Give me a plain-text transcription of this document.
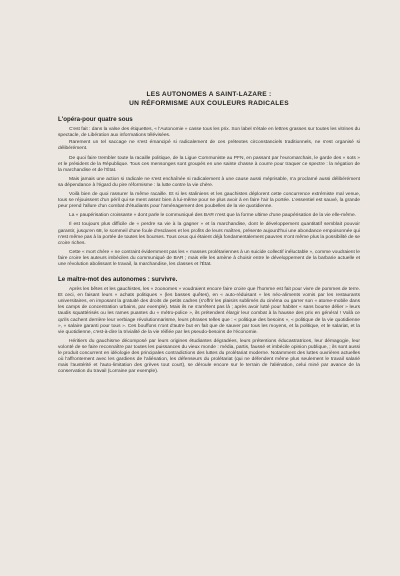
LES AUTONOMES A SAINT-LAZARE :
UN RÉFORMISME AUX COULEURS RADICALES
L'opéra-pour quatre sous

C'est fait : dans la valse des étiquettes, « l'Autonomie » casse tous les prix. Son label s'étale en lettres grasses sur toutes les vitrines du spectacle, de Libération aux informations télévisées.

Rarement un tel saccage ne s'est émancipé si radicalement de ces prétextes circonstanciels traditionnels, ne s'est organisé si délibérément.

De quoi faire trembler toute la racaille politique, de la Ligue Communiste au PFN, en passant par l'euromarchais, le garde des « sots » et le président de la République. Tous ces mensonges sont groupés en une sainte chasse à courre pour traquer ce spectre : la négation de la marchandise et de l'État.

Mais jamais une action si radicale ne s'est enchaînée si radicalement à une cause aussi méprisable, n'a proclamé aussi délibérément sa dépendance à l'égard du pire réformisme : la lutte contre la vie chère.

Voilà bien de quoi rassurer la même racaille. Et si les staliniens et les gauchistes déplorent cette concurrence extrémiste mal venue, tous se réjouissent d'un péril qui se ment assez bien à lui-même pour ne plus avoir à en faire l'air la portée. L'essentiel est sauvé, la grande peur prend l'allure d'un combat d'étudiants pour l'aménagement des poubelles de la vie quotidienne.

La « paupérisation croissante » dont parle le communiqué des BAR n'est que la forme ultime d'une paupérisation de la vie elle-même.

Il est toujours plus difficile de « perdre sa vie à la gagner » et la marchandise, dont le développement quantitatif semblait pouvoir garantir, jusqu'en 68, le sommeil d'une foule d'esclaves et les profits de leurs maîtres, présente aujourd'hui une abondance empoisonnée qui n'est même pas à la portée de toutes les bourses. Tous ceux qui étaient déjà fondamentalement pauvres n'ont même plus la possibilité de se croire riches.

Cette « mort chère » ne contraint évidemment pas les « masses prolétariennes à un suicide collectif inéluctable », comme voudraient le faire croire les auteurs imbéciles du communiqué de BAR ; mais elle les amène à choisir entre le développement de la barbarie actuelle et une révolution abolissant le travail, la marchandise, les classes et l'État.

Le maître-mot des autonomes : survivre.

Après les bêtes et les gauchistes, les « zoonomes » voudraient encore faire croire que l'homme est fait pour vivre de pommes de terre. Et ceci, en faisant leurs « achats politiques » (les basses quêtes), en « auto-réduisant » les néo-aliments vomis par les restaurants universitaires, en imposant la gratuité des droits de petits cadres (s'offrir les plaisirs sublimés du cinéma ou garrer son « atome-mobile dans les camps de concentration urbains, par exemple). Mais ils ne s'arrêtent pas là ; après avoir lutté pour habiter « sans bourse délier » leurs taudis squattérisés ou les rames puantes du « métro-police », ils prétendent élargir leur combat à la hausse des prix en général ! Voilà ce qu'ils cachent derrière leur verbiage révolutionnarisme, leurs phrases telles que : « politique des besoins », « politique de la vie quotidienne », « salaire garanti pour tous ». Ces bouffons n'ont d'autre but en fait que de sauver par tous les moyens, et la politique, et le salariat, et la vie quotidienne, c'est-à-dire la trivialité de la vie réifiée par les pseudo-besoins de l'économie.

Héritiers du gauchisme décomposé par leurs origines étudiantes dégradées, leurs prétentions éducastratrices, leur démagogie, leur volonté de se faire reconnaître par toutes les puissances du vieux monde : média, partis, faussé et imbécile opinion publique, ; ils sont aussi le produit concurrent en idéologie des principales contradictions des luttes du prolétariat moderne. Notamment des luttes ouvrières actuelles où l'affrontement avec les gardiens de l'aliénation, les défenseurs du prolétariat (qui ne défendent même plus seulement le travail salarié mais l'austérité et l'auto-limitation des grèves tout court), se déroule encore sur le terrain de l'aliénation, celui miné par avance de la conservation du travail (Lorraine par exemple).
